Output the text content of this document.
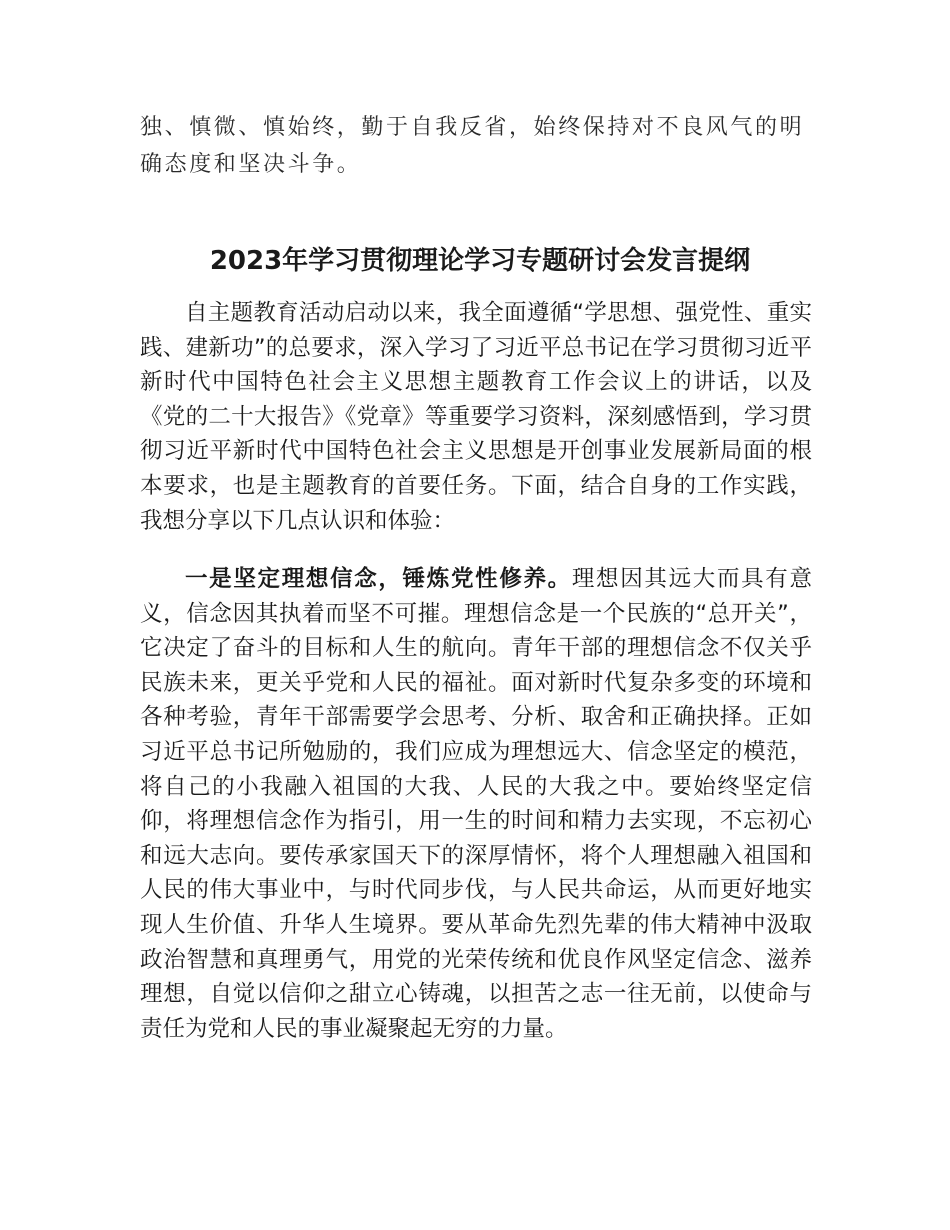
独、慎微、慎始终，勤于自我反省，始终保持对不良风气的明确态度和坚决斗争。

2023年学习贯彻理论学习专题研讨会发言提纲

自主题教育活动启动以来，我全面遵循“学思想、强党性、重实践、建新功”的总要求，深入学习了习近平总书记在学习贯彻习近平新时代中国特色社会主义思想主题教育工作会议上的讲话，以及《党的二十大报告》《党章》等重要学习资料，深刻感悟到，学习贯彻习近平新时代中国特色社会主义思想是开创事业发展新局面的根本要求，也是主题教育的首要任务。下面，结合自身的工作实践，我想分享以下几点认识和体验：

一是坚定理想信念，锤炼党性修养。理想因其远大而具有意义，信念因其执着而坚不可摧。理想信念是一个民族的“总开关”，它决定了奋斗的目标和人生的航向。青年干部的理想信念不仅关乎民族未来，更关乎党和人民的福祉。面对新时代复杂多变的环境和各种考验，青年干部需要学会思考、分析、取舍和正确抉择。正如习近平总书记所勉励的，我们应成为理想远大、信念坚定的模范，将自己的小我融入祖国的大我、人民的大我之中。要始终坚定信仰，将理想信念作为指引，用一生的时间和精力去实现，不忘初心和远大志向。要传承家国天下的深厚情怀，将个人理想融入祖国和人民的伟大事业中，与时代同步伐，与人民共命运，从而更好地实现人生价值、升华人生境界。要从革命先烈先辈的伟大精神中汲取政治智慧和真理勇气，用党的光荣传统和优良作风坚定信念、滋养理想，自觉以信仰之甜立心铸魂，以担苦之志一往无前，以使命与责任为党和人民的事业凝聚起无穷的力量。
